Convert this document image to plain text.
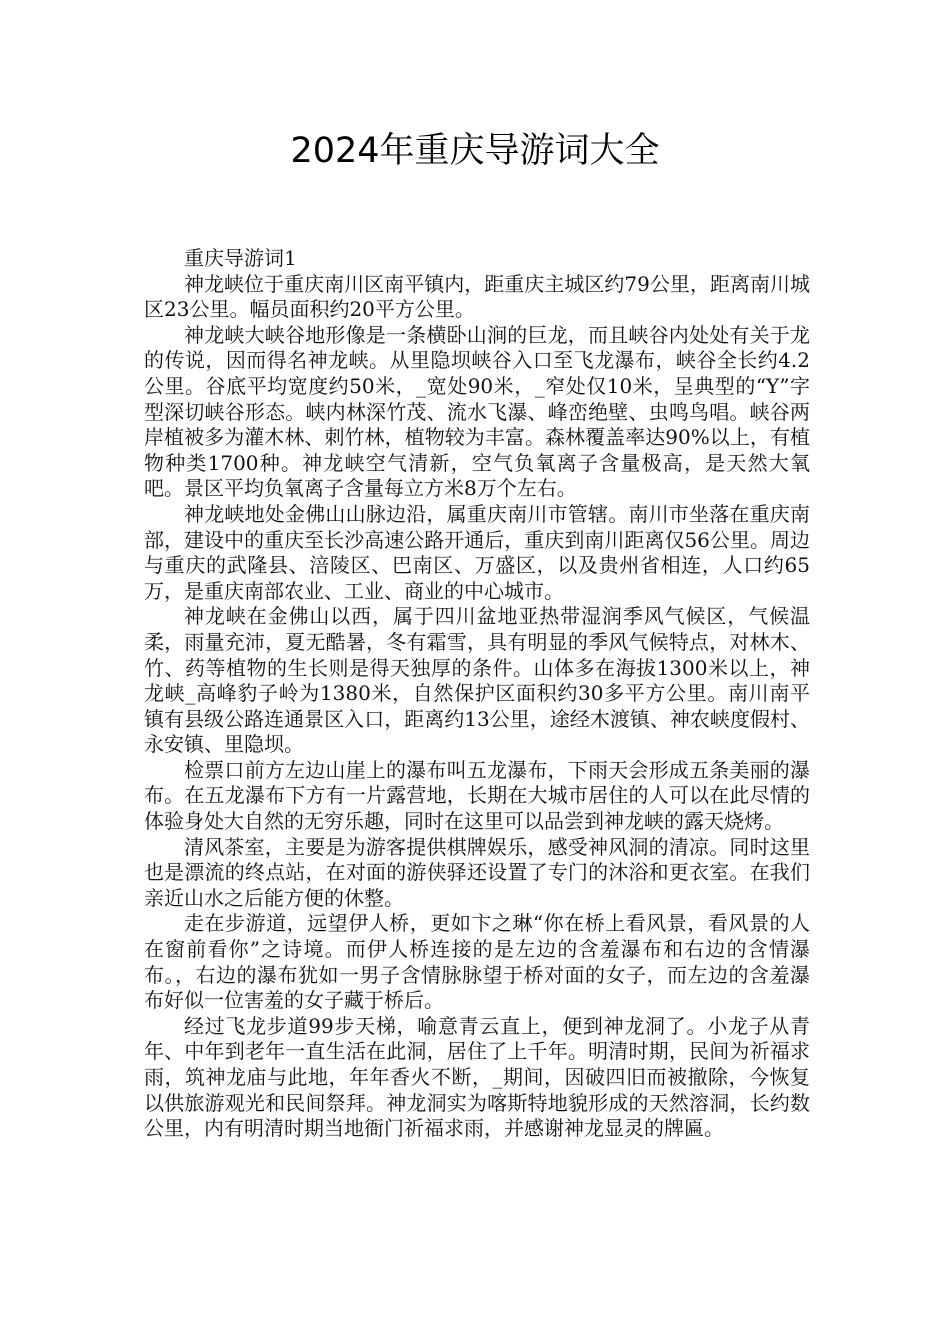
2024年重庆导游词大全

重庆导游词1

神龙峡位于重庆南川区南平镇内，距重庆主城区约79公里，距离南川城区23公里。幅员面积约20平方公里。

神龙峡大峡谷地形像是一条横卧山涧的巨龙，而且峡谷内处处有关于龙的传说，因而得名神龙峡。从里隐坝峡谷入口至飞龙瀑布，峡谷全长约4.2公里。谷底平均宽度约50米，_宽处90米，_窄处仅10米，呈典型的“Y”字型深切峡谷形态。峡内林深竹茂、流水飞瀑、峰峦绝壁、虫鸣鸟唱。峡谷两岸植被多为灌木林、刺竹林，植物较为丰富。森林覆盖率达90%以上，有植物种类1700种。神龙峡空气清新，空气负氧离子含量极高，是天然大氧吧。景区平均负氧离子含量每立方米8万个左右。

神龙峡地处金佛山山脉边沿，属重庆南川市管辖。南川市坐落在重庆南部，建设中的重庆至长沙高速公路开通后，重庆到南川距离仅56公里。周边与重庆的武隆县、涪陵区、巴南区、万盛区，以及贵州省相连，人口约65万，是重庆南部农业、工业、商业的中心城市。

神龙峡在金佛山以西，属于四川盆地亚热带湿润季风气候区，气候温柔，雨量充沛，夏无酷暑，冬有霜雪，具有明显的季风气候特点，对林木、竹、药等植物的生长则是得天独厚的条件。山体多在海拔1300米以上，神龙峡_高峰豹子岭为1380米，自然保护区面积约30多平方公里。南川南平镇有县级公路连通景区入口，距离约13公里，途经木渡镇、神农峡度假村、永安镇、里隐坝。

检票口前方左边山崖上的瀑布叫五龙瀑布，下雨天会形成五条美丽的瀑布。在五龙瀑布下方有一片露营地，长期在大城市居住的人可以在此尽情的体验身处大自然的无穷乐趣，同时在这里可以品尝到神龙峡的露天烧烤。

清风茶室，主要是为游客提供棋牌娱乐，感受神风洞的清凉。同时这里也是漂流的终点站，在对面的游侠驿还设置了专门的沐浴和更衣室。在我们亲近山水之后能方便的休整。

走在步游道，远望伊人桥，更如卞之琳“你在桥上看风景，看风景的人在窗前看你”之诗境。而伊人桥连接的是左边的含羞瀑布和右边的含情瀑布。，右边的瀑布犹如一男子含情脉脉望于桥对面的女子，而左边的含羞瀑布好似一位害羞的女子藏于桥后。

经过飞龙步道99步天梯，喻意青云直上，便到神龙洞了。小龙子从青年、中年到老年一直生活在此洞，居住了上千年。明清时期，民间为祈福求雨，筑神龙庙与此地，年年香火不断，_期间，因破四旧而被撤除，今恢复以供旅游观光和民间祭拜。神龙洞实为喀斯特地貌形成的天然溶洞，长约数公里，内有明清时期当地衙门祈福求雨，并感谢神龙显灵的牌匾。
